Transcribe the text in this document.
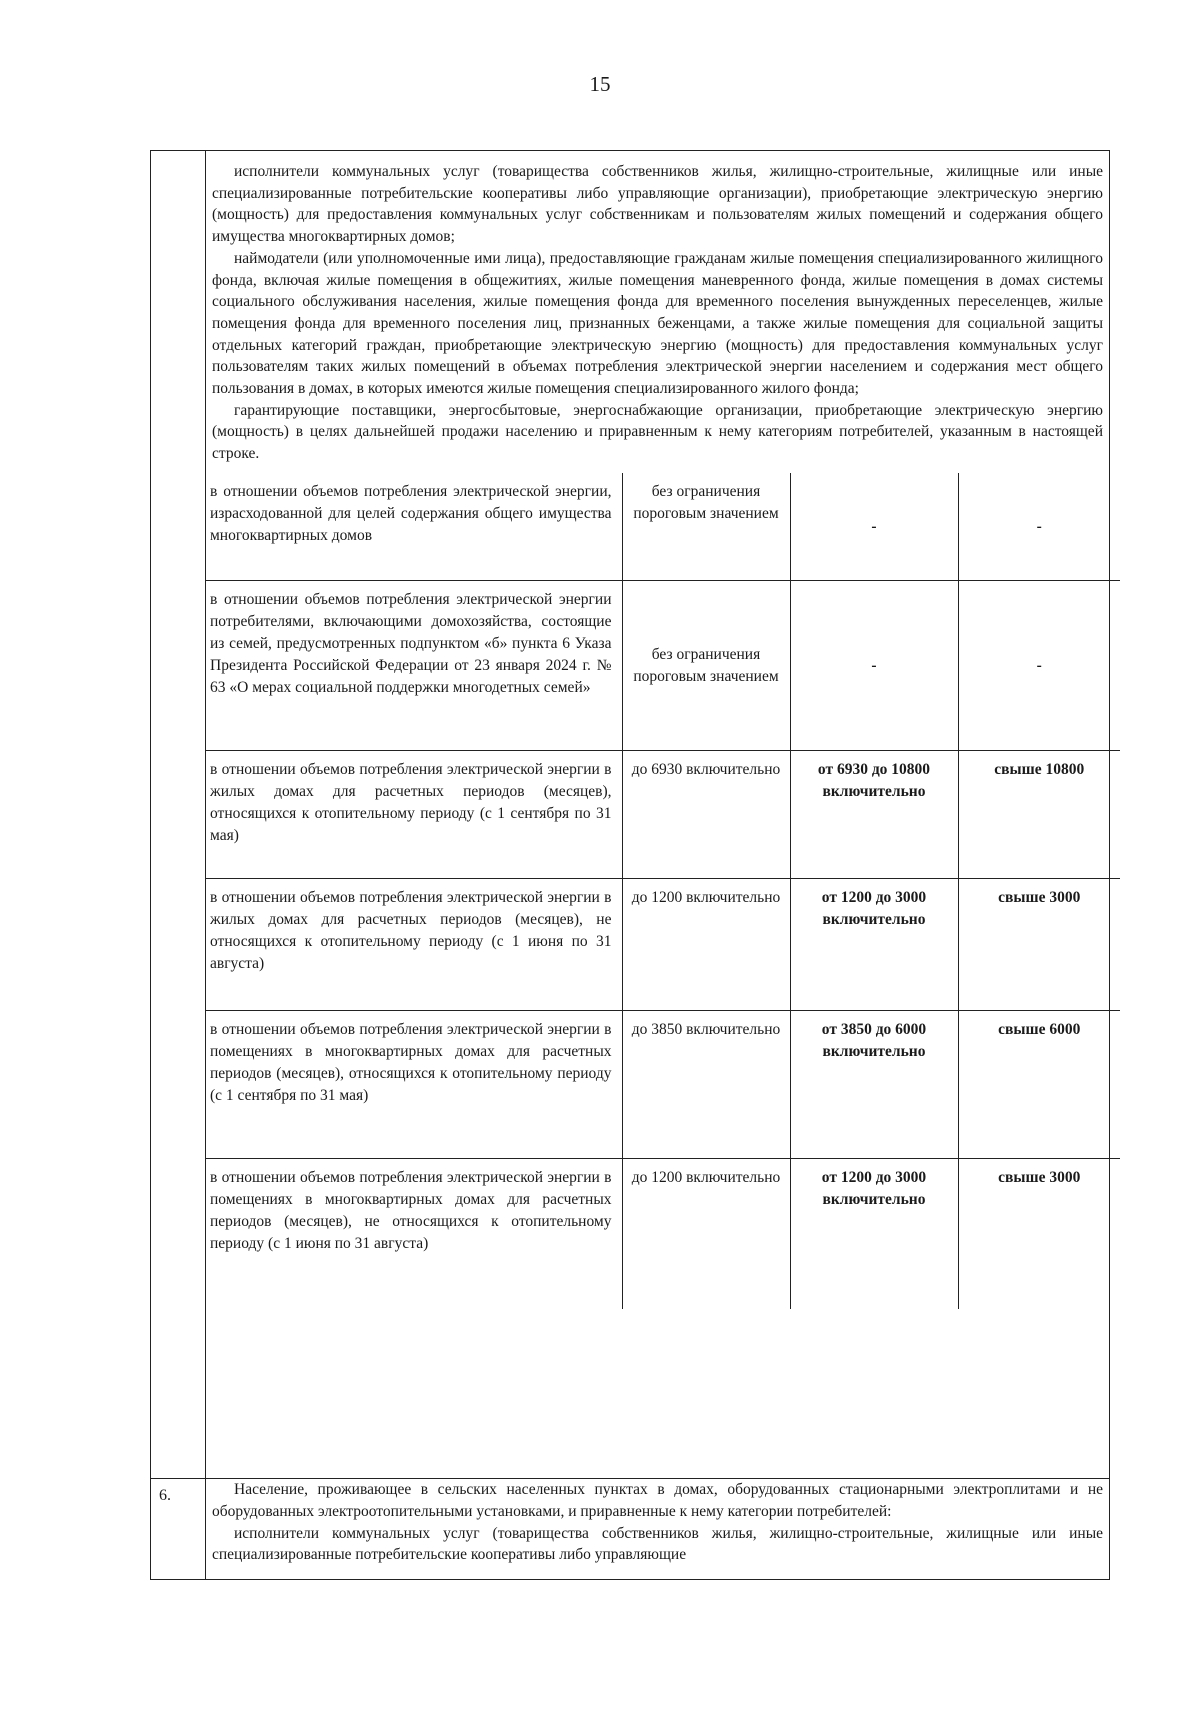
15

исполнители коммунальных услуг (товарищества собственников жилья, жилищно-строительные, жилищные или иные специализированные потребительские кооперативы либо управляющие организации), приобретающие электрическую энергию (мощность) для предоставления коммунальных услуг собственникам и пользователям жилых помещений и содержания общего имущества многоквартирных домов;

наймодатели (или уполномоченные ими лица), предоставляющие гражданам жилые помещения специализированного жилищного фонда, включая жилые помещения в общежитиях, жилые помещения маневренного фонда, жилые помещения в домах системы социального обслуживания населения, жилые помещения фонда для временного поселения вынужденных переселенцев, жилые помещения фонда для временного поселения лиц, признанных беженцами, а также жилые помещения для социальной защиты отдельных категорий граждан, приобретающие электрическую энергию (мощность) для предоставления коммунальных услуг пользователям таких жилых помещений в объемах потребления электрической энергии населением и содержания мест общего пользования в домах, в которых имеются жилые помещения специализированного жилого фонда;

гарантирующие поставщики, энергосбытовые, энергоснабжающие организации, приобретающие электрическую энергию (мощность) в целях дальнейшей продажи населению и приравненным к нему категориям потребителей, указанным в настоящей строке.

в отношении объемов потребления электрической энергии, израсходованной для целей содержания общего имущества многоквартирных домов	без ограничения пороговым значением	-	-
в отношении объемов потребления электрической энергии потребителями, включающими домохозяйства, состоящие из семей, предусмотренных подпунктом «б» пункта 6 Указа Президента Российской Федерации от 23 января 2024 г. № 63 «О мерах социальной поддержки многодетных семей»	без ограничения пороговым значением	-	-
в отношении объемов потребления электрической энергии в жилых домах для расчетных периодов (месяцев), относящихся к отопительному периоду (с 1 сентября по 31 мая)	до 6930 включительно	от 6930 до 10800 включительно	свыше 10800
в отношении объемов потребления электрической энергии в жилых домах для расчетных периодов (месяцев), не относящихся к отопительному периоду (с 1 июня по 31 августа)	до 1200 включительно	от 1200 до 3000 включительно	свыше 3000
в отношении объемов потребления электрической энергии в помещениях в многоквартирных домах для расчетных периодов (месяцев), относящихся к отопительному периоду (с 1 сентября по 31 мая)	до 3850 включительно	от 3850 до 6000 включительно	свыше 6000
в отношении объемов потребления электрической энергии в помещениях в многоквартирных домах для расчетных периодов (месяцев), не относящихся к отопительному периоду (с 1 июня по 31 августа)	до 1200 включительно	от 1200 до 3000 включительно	свыше 3000

6.	Население, проживающее в сельских населенных пунктах в домах, оборудованных стационарными электроплитами и не оборудованных электроотопительными установками, и приравненные к нему категории потребителей:

исполнители коммунальных услуг (товарищества собственников жилья, жилищно-строительные, жилищные или иные специализированные потребительские кооперативы либо управляющие
